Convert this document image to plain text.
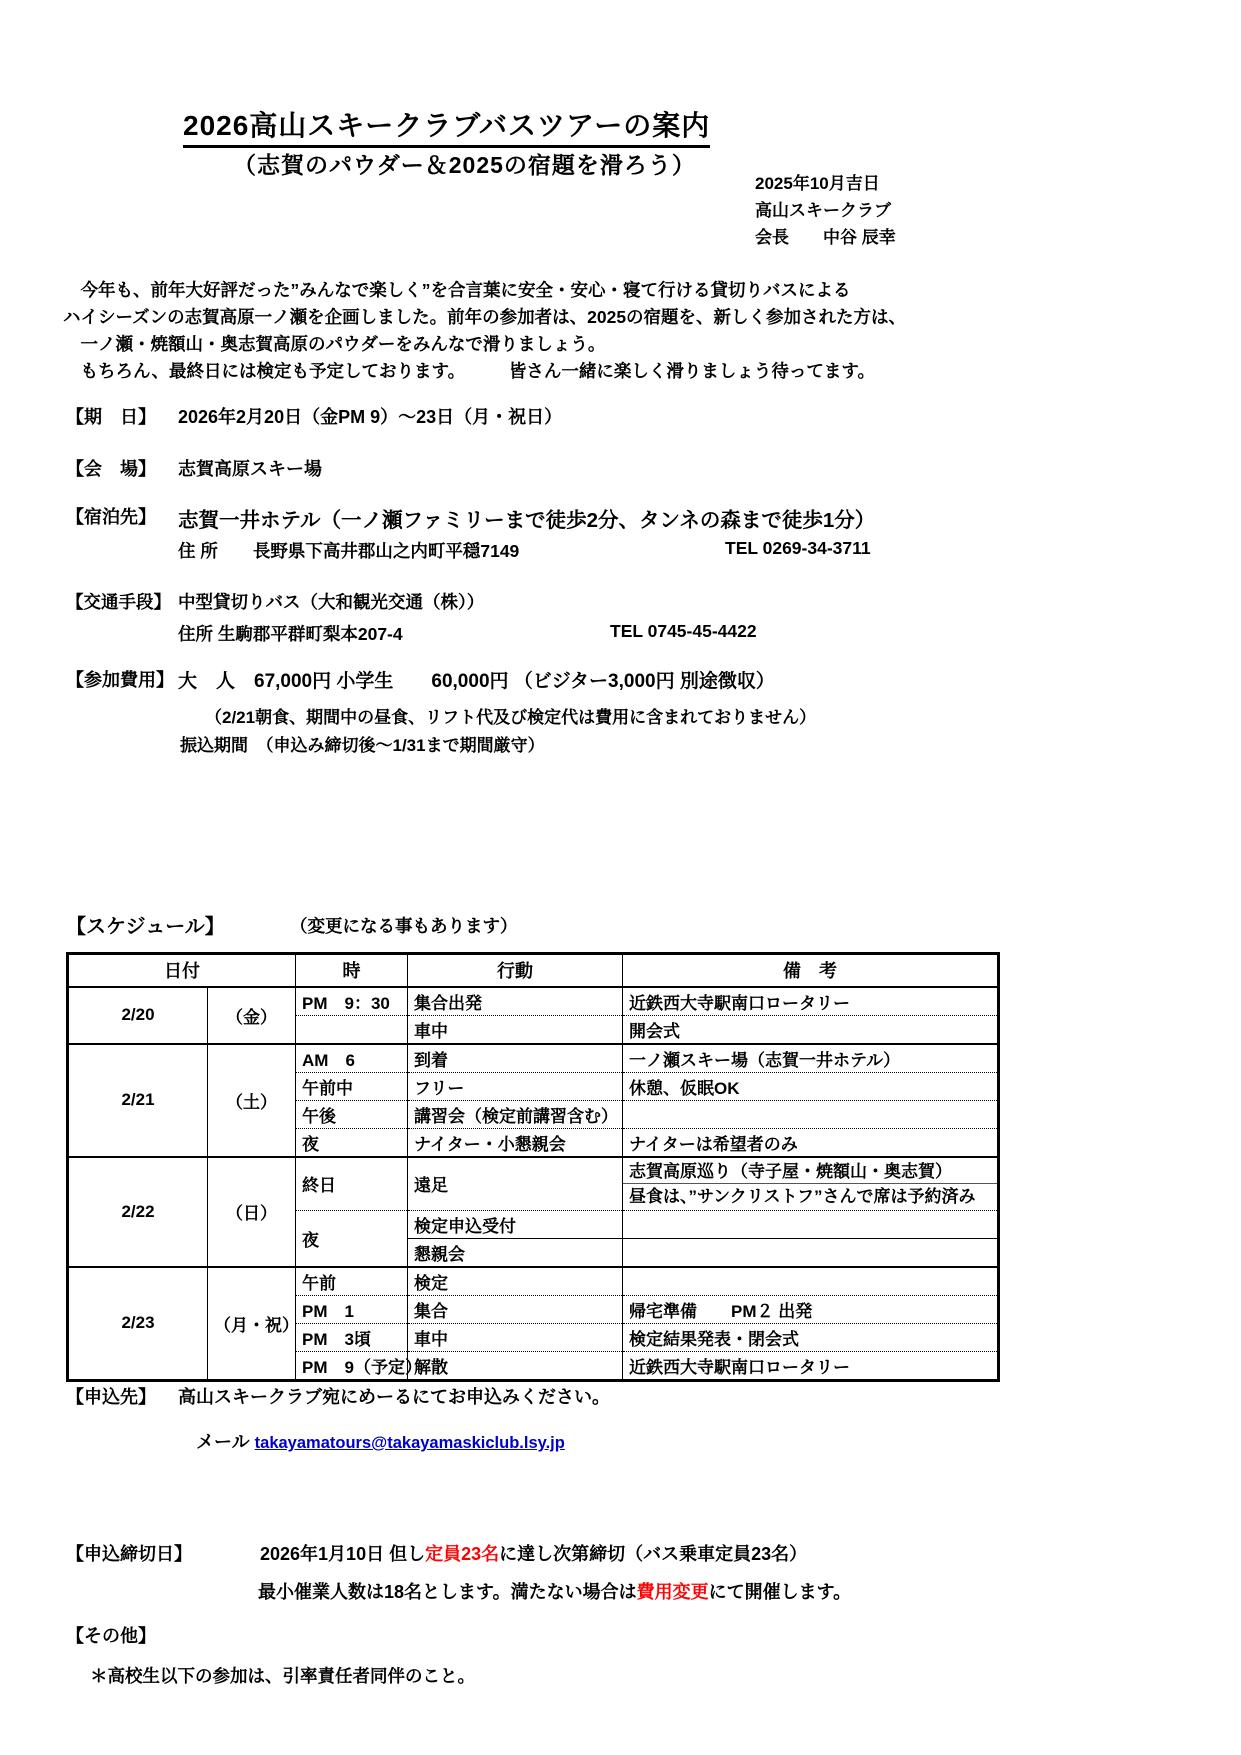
2026高山スキークラブバスツアーの案内
（志賀のパウダー＆2025の宿題を滑ろう）
2025年10月吉日
高山スキークラブ
会長　　中谷 辰幸
　今年も、前年大好評だった”みんなで楽しく”を合言葉に安全・安心・寝て行ける貸切りバスによる
ハイシーズンの志賀高原一ノ瀬を企画しました。前年の参加者は、2025の宿題を、新しく参加された方は、
　一ノ瀬・焼額山・奥志賀高原のパウダーをみんなで滑りましょう。
　もちろん、最終日には検定も予定しております。　　　皆さん一緒に楽しく滑りましょう待ってます。
【期　日】	2026年2月20日（金PM 9）～23日（月・祝日）
【会　場】	志賀高原スキー場
【宿泊先】	志賀一井ホテル（一ノ瀬ファミリーまで徒歩2分、タンネの森まで徒歩1分）
住 所　　長野県下高井郡山之内町平穏7149	TEL 0269-34-3711
【交通手段】 中型貸切りバス（大和観光交通（株））
住所 生駒郡平群町梨本207-4	TEL 0745-45-4422
【参加費用】 大　人　67,000円 小学生　　60,000円 （ビジター3,000円 別途徴収）
（2/21朝食、期間中の昼食、リフト代及び検定代は費用に含まれておりません）
振込期間　（申込み締切後～1/31まで期間厳守）
【スケジュール】	（変更になる事もあります）
日付		時	行動	備　考
2/20	（金）	PM　9：30	集合出発	近鉄西大寺駅南口ロータリー
			車中	開会式
2/21	（土）	AM　6	到着	一ノ瀬スキー場（志賀一井ホテル）
		午前中	フリー	休憩、仮眠OK
		午後	講習会（検定前講習含む）	
		夜	ナイター・小懇親会	ナイターは希望者のみ
2/22	（日）	終日	遠足	志賀高原巡り（寺子屋・焼額山・奥志賀）
昼食は、”サンクリストフ”さんで席は予約済み

		夜	検定申込受付	
			懇親会	
2/23	（月・祝）	午前	検定	
		PM　1	集合	帰宅準備　　PM２ 出発
		PM　3頃	車中	検定結果発表・閉会式
		PM　9（予定）	解散	近鉄西大寺駅南口ロータリー
【申込先】	高山スキークラブ宛にめーるにてお申込みください。
メール takayamatours@takayamaskiclub.lsy.jp
【申込締切日】	2026年1月10日 但し定員23名に達し次第締切（バス乗車定員23名）
最小催業人数は18名とします。満たない場合は費用変更にて開催します。
【その他】
＊高校生以下の参加は、引率責任者同伴のこと。
